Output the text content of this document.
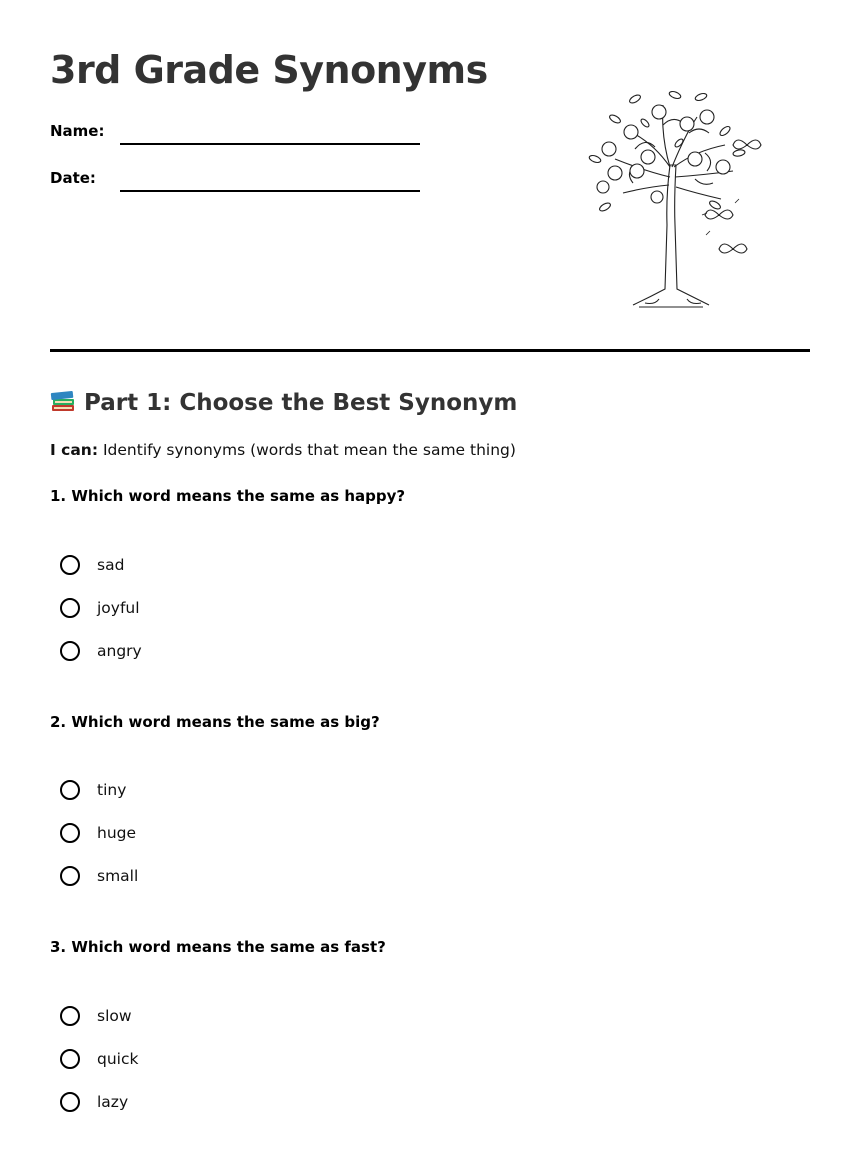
3rd Grade Synonyms
Name:
Date:
Part 1: Choose the Best Synonym
I can: Identify synonyms (words that mean the same thing)
1. Which word means the same as happy?
sad
joyful
angry
2. Which word means the same as big?
tiny
huge
small
3. Which word means the same as fast?
slow
quick
lazy
